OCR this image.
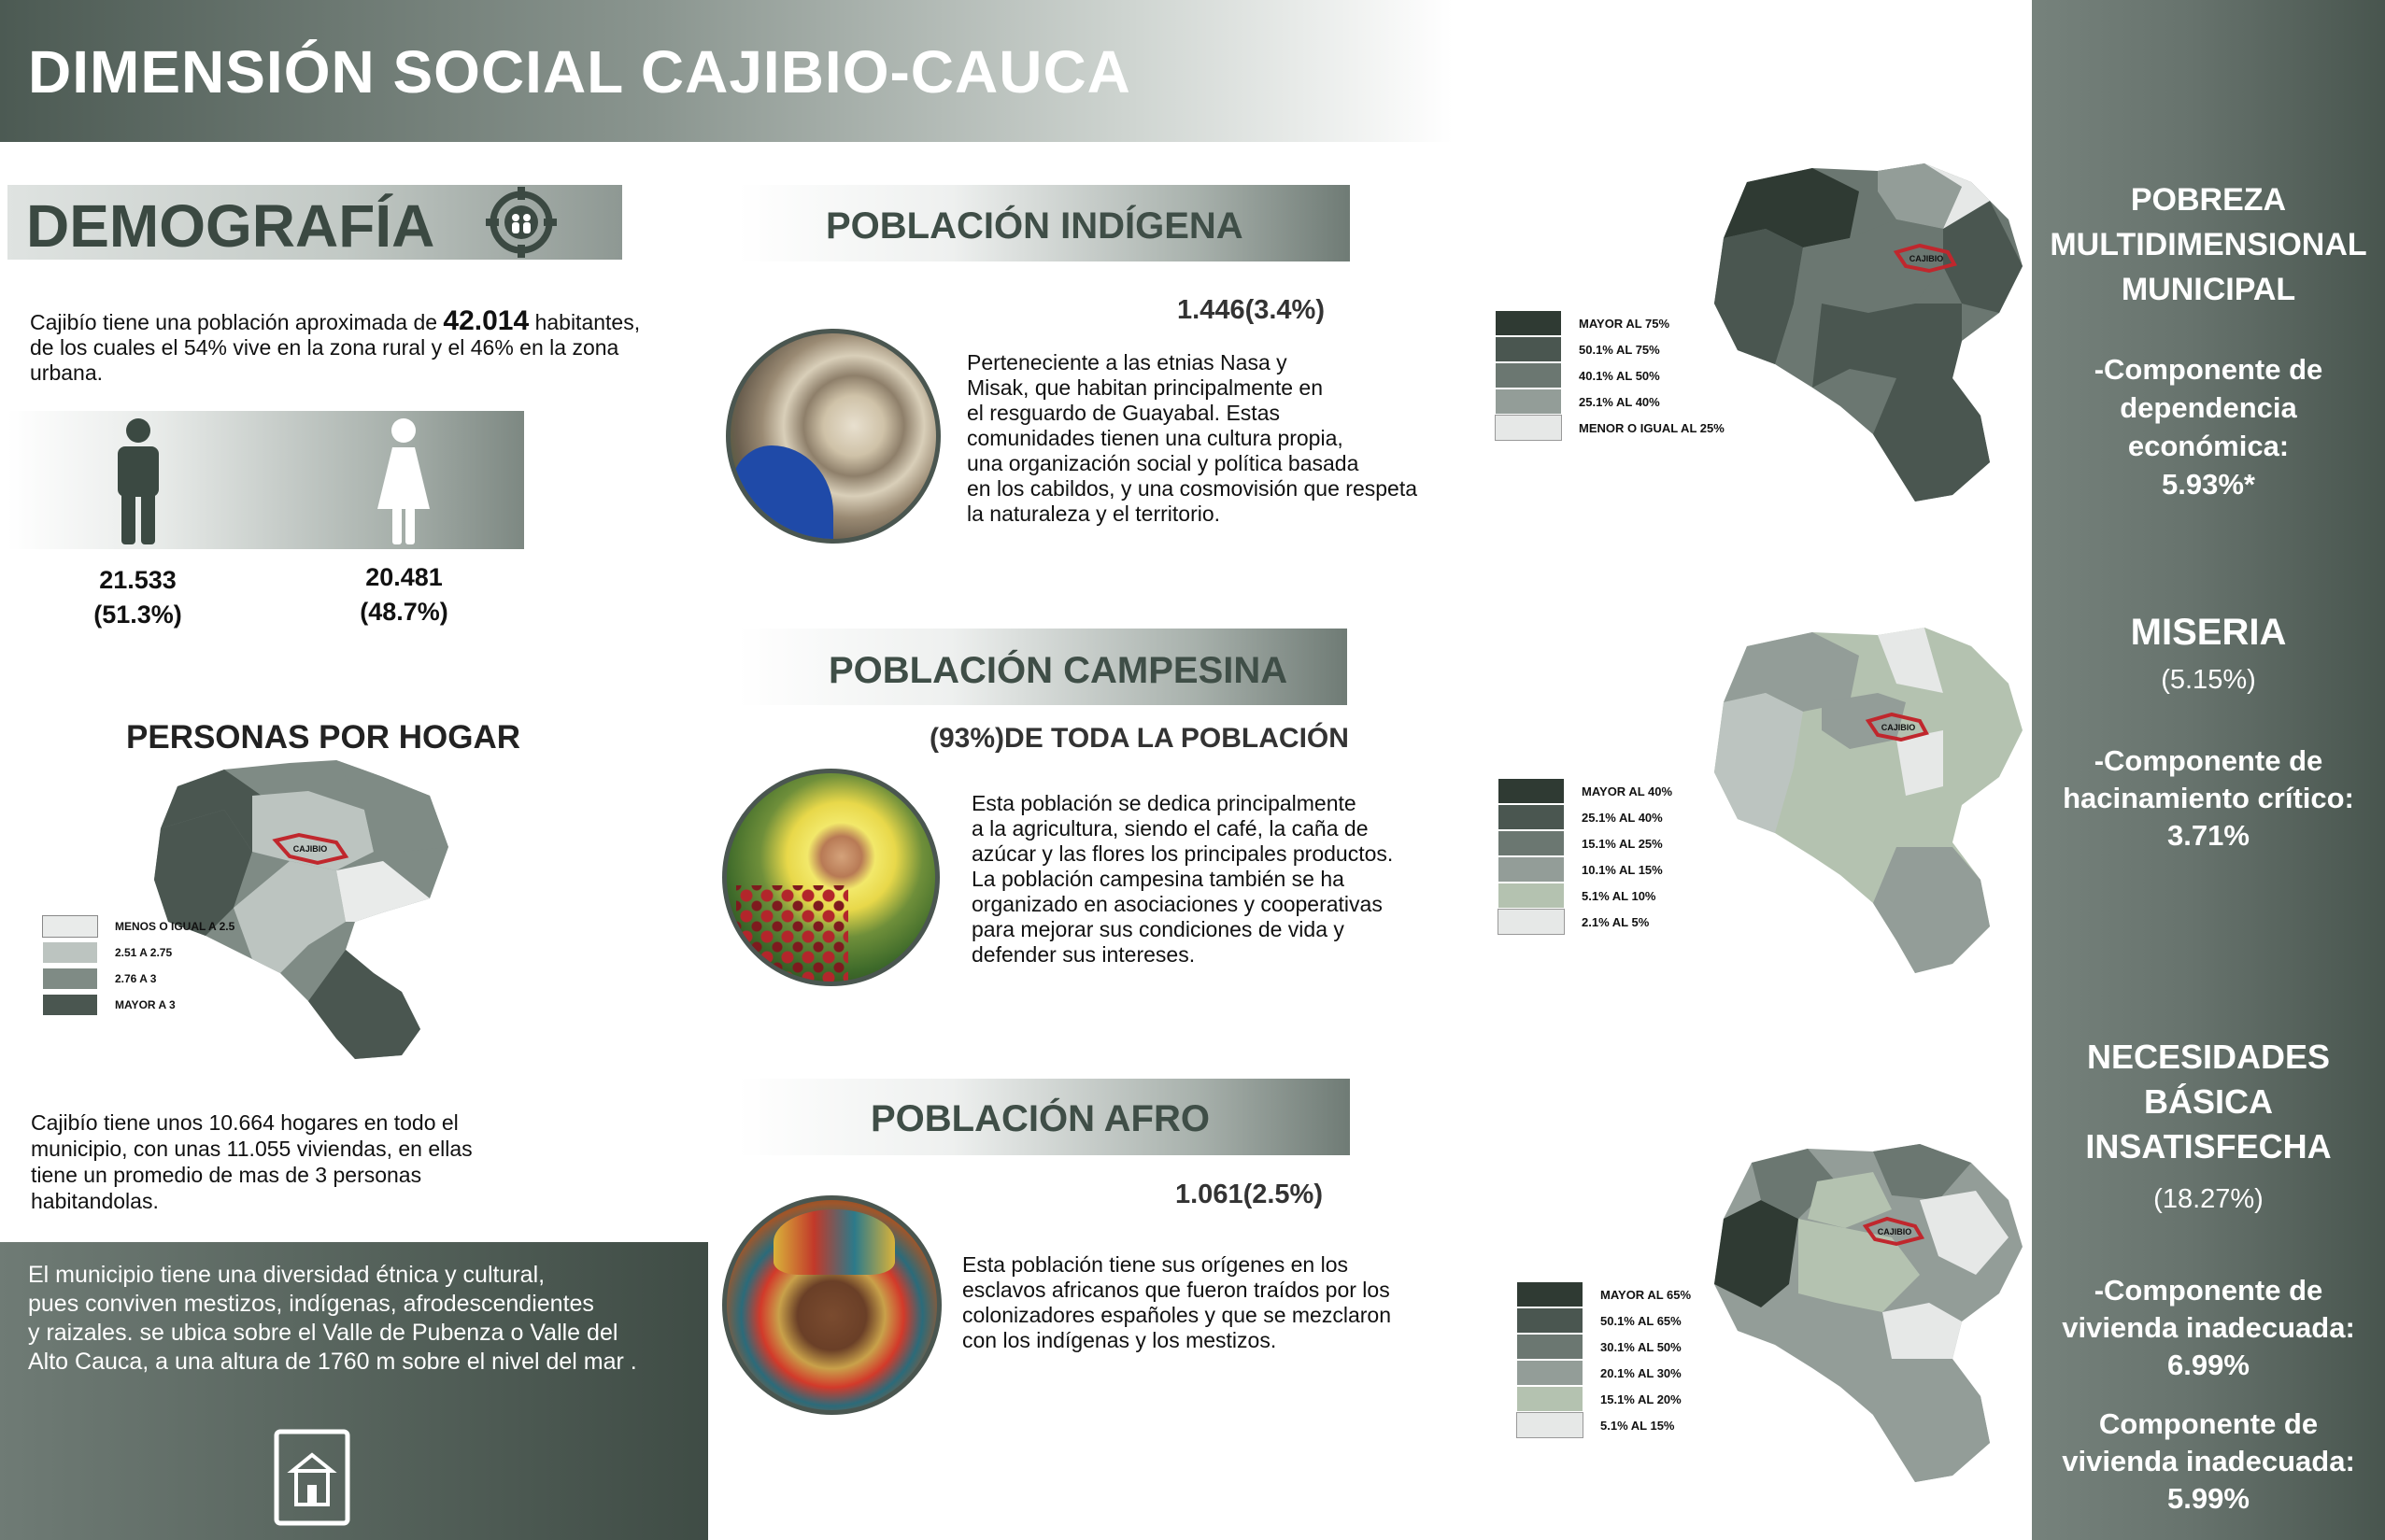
DIMENSIÓN SOCIAL CAJIBIO-CAUCA
DEMOGRAFÍA
Cajibío tiene una población aproximada de 42.014 habitantes,
de los cuales el 54% vive en la zona rural y el 46% en la zona
urbana.
21.533
(51.3%)
20.481
(48.7%)
PERSONAS POR HOGAR
CAJIBIO
MENOS O IGUAL A 2.5
2.51 A 2.75
2.76 A 3
MAYOR A 3
Cajibío tiene unos 10.664 hogares en todo el
municipio, con unas 11.055 viviendas, en ellas
tiene un promedio de mas de 3 personas
habitandolas.
El municipio tiene una diversidad étnica y cultural,
pues conviven mestizos, indígenas, afrodescendientes
y raizales. se ubica sobre el Valle de Pubenza o Valle del
Alto Cauca, a una altura de 1760 m sobre el nivel del mar .
POBLACIÓN INDÍGENA
1.446(3.4%)
Perteneciente a las etnias Nasa y
Misak, que habitan principalmente en
el resguardo de Guayabal. Estas
comunidades tienen una cultura propia,
una organización social y política basada
en los cabildos, y una cosmovisión que respeta
la naturaleza y el territorio.
MAYOR AL 75%
50.1% AL 75%
40.1% AL 50%
25.1% AL 40%
MENOR O IGUAL AL 25%
CAJIBIO
POBLACIÓN CAMPESINA
(93%)DE TODA LA POBLACIÓN
Esta población se dedica principalmente
a la agricultura, siendo el café, la caña de
azúcar y las flores los principales productos.
La población campesina también se ha
organizado en asociaciones y cooperativas
para mejorar sus condiciones de vida y
defender sus intereses.
MAYOR AL 40%
25.1% AL 40%
15.1% AL 25%
10.1% AL 15%
5.1% AL 10%
2.1% AL 5%
CAJIBIO
POBLACIÓN AFRO
1.061(2.5%)
Esta población tiene sus orígenes en los
esclavos africanos que fueron traídos por los
colonizadores españoles y que se mezclaron
con los indígenas y los mestizos.
MAYOR AL 65%
50.1% AL 65%
30.1% AL 50%
20.1% AL 30%
15.1% AL 20%
5.1% AL 15%
CAJIBIO
POBREZA
MULTIDIMENSIONAL
MUNICIPAL
-Componente de
dependencia
económica:
5.93%*
MISERIA
(5.15%)
-Componente de
hacinamiento crítico:
3.71%
NECESIDADES
BÁSICA
INSATISFECHA
(18.27%)
-Componente de
vivienda inadecuada:
6.99%
Componente de
vivienda inadecuada:
5.99%
